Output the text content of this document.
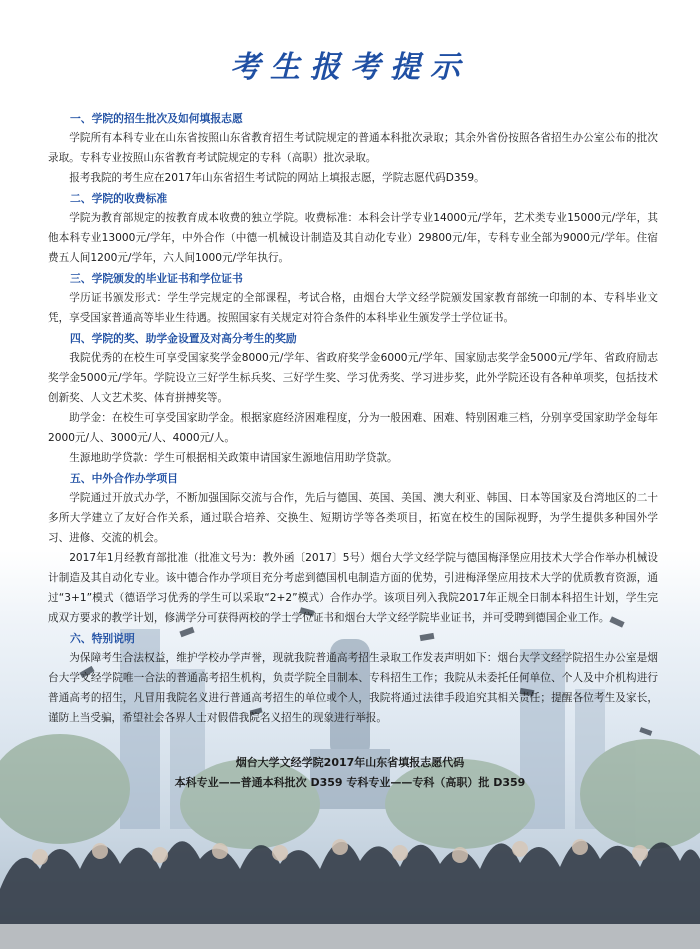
考生报考提示
一、学院的招生批次及如何填报志愿

学院所有本科专业在山东省按照山东省教育招生考试院规定的普通本科批次录取；其余外省份按照各省招生办公室公布的批次录取。专科专业按照山东省教育考试院规定的专科（高职）批次录取。

报考我院的考生应在2017年山东省招生考试院的网站上填报志愿，学院志愿代码D359。

二、学院的收费标准

学院为教育部规定的按教育成本收费的独立学院。收费标准：本科会计学专业14000元/学年，艺术类专业15000元/学年，其他本科专业13000元/学年，中外合作（中德一机械设计制造及其自动化专业）29800元/年，专科专业全部为9000元/学年。住宿费五人间1200元/学年，六人间1000元/学年执行。

三、学院颁发的毕业证书和学位证书

学历证书颁发形式：学生学完规定的全部课程，考试合格，由烟台大学文经学院颁发国家教育部统一印制的本、专科毕业文凭，享受国家普通高等毕业生待遇。按照国家有关规定对符合条件的本科毕业生颁发学士学位证书。

四、学院的奖、助学金设置及对高分考生的奖励

我院优秀的在校生可享受国家奖学金8000元/学年、省政府奖学金6000元/学年、国家励志奖学金5000元/学年、省政府励志奖学金5000元/学年。学院设立三好学生标兵奖、三好学生奖、学习优秀奖、学习进步奖，此外学院还设有各种单项奖，包括技术创新奖、人文艺术奖、体育拼搏奖等。

助学金：在校生可享受国家助学金。根据家庭经济困难程度，分为一般困难、困难、特别困难三档，分别享受国家助学金每年2000元/人、3000元/人、4000元/人。

生源地助学贷款：学生可根据相关政策申请国家生源地信用助学贷款。

五、中外合作办学项目

学院通过开放式办学，不断加强国际交流与合作，先后与德国、英国、美国、澳大利亚、韩国、日本等国家及台湾地区的二十多所大学建立了友好合作关系，通过联合培养、交换生、短期访学等各类项目，拓宽在校生的国际视野，为学生提供多种国外学习、进修、交流的机会。

2017年1月经教育部批准（批准文号为：教外函〔2017〕5号）烟台大学文经学院与德国梅泽堡应用技术大学合作举办机械设计制造及其自动化专业。该中德合作办学项目充分考虑到德国机电制造方面的优势，引进梅泽堡应用技术大学的优质教育资源，通过“3+1”模式（德语学习优秀的学生可以采取“2+2”模式）合作办学。该项目列入我院2017年正规全日制本科招生计划，学生完成双方要求的教学计划，修满学分可获得两校的学士学位证书和烟台大学文经学院毕业证书，并可受聘到德国企业工作。

六、特别说明

为保障考生合法权益，维护学校办学声誉，现就我院普通高考招生录取工作发表声明如下：烟台大学文经学院招生办公室是烟台大学文经学院唯一合法的普通高考招生机构，负责学院全日制本、专科招生工作；我院从未委托任何单位、个人及中介机构进行普通高考的招生，凡冒用我院名义进行普通高考招生的单位或个人，我院将通过法律手段追究其相关责任；提醒各位考生及家长，谨防上当受骗，希望社会各界人士对假借我院名义招生的现象进行举报。

烟台大学文经学院2017年山东省填报志愿代码
本科专业——普通本科批次 D359 专科专业——专科（高职）批 D359
